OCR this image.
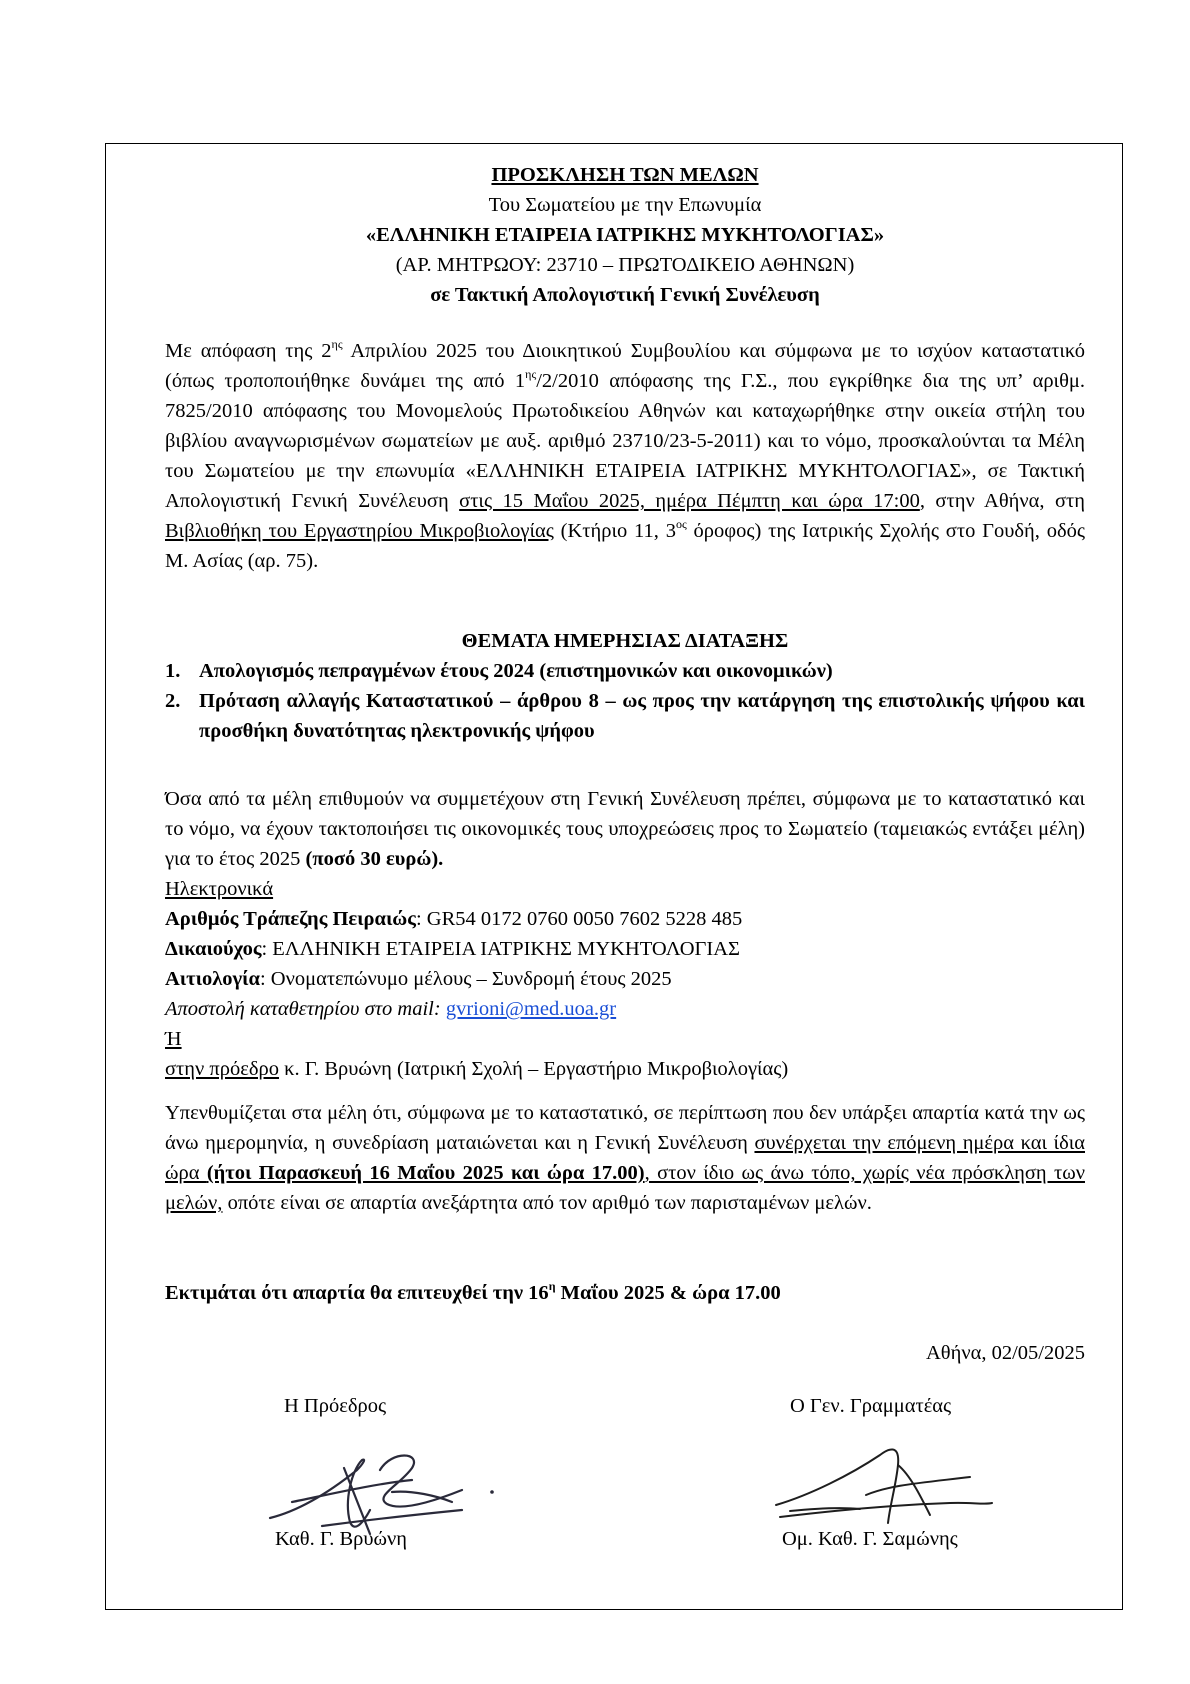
ΠΡΟΣΚΛΗΣΗ ΤΩΝ ΜΕΛΩΝ

Του Σωματείου με την Επωνυμία

«ΕΛΛΗΝΙΚΗ ΕΤΑΙΡΕΙΑ ΙΑΤΡΙΚΗΣ ΜΥΚΗΤΟΛΟΓΙΑΣ»

(ΑΡ. ΜΗΤΡΩΟΥ: 23710 – ΠΡΩΤΟΔΙΚΕΙΟ ΑΘΗΝΩΝ)

σε Τακτική Απολογιστική Γενική Συνέλευση

Με απόφαση της $2^{\eta\varsigma}$ Απριλίου 2025 του Διοικητικού Συμβουλίου και σύμφωνα με το ισχύον καταστατικό (όπως τροποποιήθηκε δυνάμει της από $1^{\eta\varsigma}/2/2010$ απόφασης της Γ.Σ., που εγκρίθηκε δια της υπ’ αριθμ. 7825/2010 απόφασης του Μονομελούς Πρωτοδικείου Αθηνών και καταχωρήθηκε στην οικεία στήλη του βιβλίου αναγνωρισμένων σωματείων με αυξ. αριθμό 23710/23-5-2011) και το νόμο, προσκαλούνται τα Μέλη του Σωματείου με την επωνυμία «ΕΛΛΗΝΙΚΗ ΕΤΑΙΡΕΙΑ ΙΑΤΡΙΚΗΣ ΜΥΚΗΤΟΛΟΓΙΑΣ», σε Τακτική Απολογιστική Γενική Συνέλευση στις 15 Μαΐου 2025, ημέρα Πέμπτη και ώρα 17:00, στην Αθήνα, στη Βιβλιοθήκη του Εργαστηρίου Μικροβιολογίας (Κτήριο 11, $3^{o\varsigma}$ όροφος) της Ιατρικής Σχολής στο Γουδή, οδός Μ. Ασίας (αρ. 75).

ΘΕΜΑΤΑ ΗΜΕΡΗΣΙΑΣ ΔΙΑΤΑΞΗΣ

1. Απολογισμός πεπραγμένων έτους 2024 (επιστημονικών και οικονομικών)
2. Πρόταση αλλαγής Καταστατικού – άρθρου 8 – ως προς την κατάργηση της επιστολικής ψήφου και προσθήκη δυνατότητας ηλεκτρονικής ψήφου

Όσα από τα μέλη επιθυμούν να συμμετέχουν στη Γενική Συνέλευση πρέπει, σύμφωνα με το καταστατικό και το νόμο, να έχουν τακτοποιήσει τις οικονομικές τους υποχρεώσεις προς το Σωματείο (ταμειακώς εντάξει μέλη) για το έτος 2025 (ποσό 30 ευρώ).

Ηλεκτρονικά

Αριθμός Τράπεζης Πειραιώς: GR54 0172 0760 0050 7602 5228 485

Δικαιούχος: ΕΛΛΗΝΙΚΗ ΕΤΑΙΡΕΙΑ ΙΑΤΡΙΚΗΣ ΜΥΚΗΤΟΛΟΓΙΑΣ

Αιτιολογία: Ονοματεπώνυμο μέλους – Συνδρομή έτους 2025

Αποστολή καταθετηρίου στο mail: gvrioni@med.uoa.gr

Ή

στην πρόεδρο κ. Γ. Βρυώνη (Ιατρική Σχολή – Εργαστήριο Μικροβιολογίας)

Υπενθυμίζεται στα μέλη ότι, σύμφωνα με το καταστατικό, σε περίπτωση που δεν υπάρξει απαρτία κατά την ως άνω ημερομηνία, η συνεδρίαση ματαιώνεται και η Γενική Συνέλευση συνέρχεται την επόμενη ημέρα και ίδια ώρα (ήτοι Παρασκευή 16 Μαΐου 2025 και ώρα 17.00), στον ίδιο ως άνω τόπο, χωρίς νέα πρόσκληση των μελών, οπότε είναι σε απαρτία ανεξάρτητα από τον αριθμό των παρισταμένων μελών.
Εκτιμάται ότι απαρτία θα επιτευχθεί την $16^\eta$ Μαΐου 2025 & ώρα 17.00
Αθήνα, 02/05/2025
Η Πρόεδρος	Ο Γεν. Γραμματέας
Καθ. Γ. Βρυώνη	Ομ. Καθ. Γ. Σαμώνης
